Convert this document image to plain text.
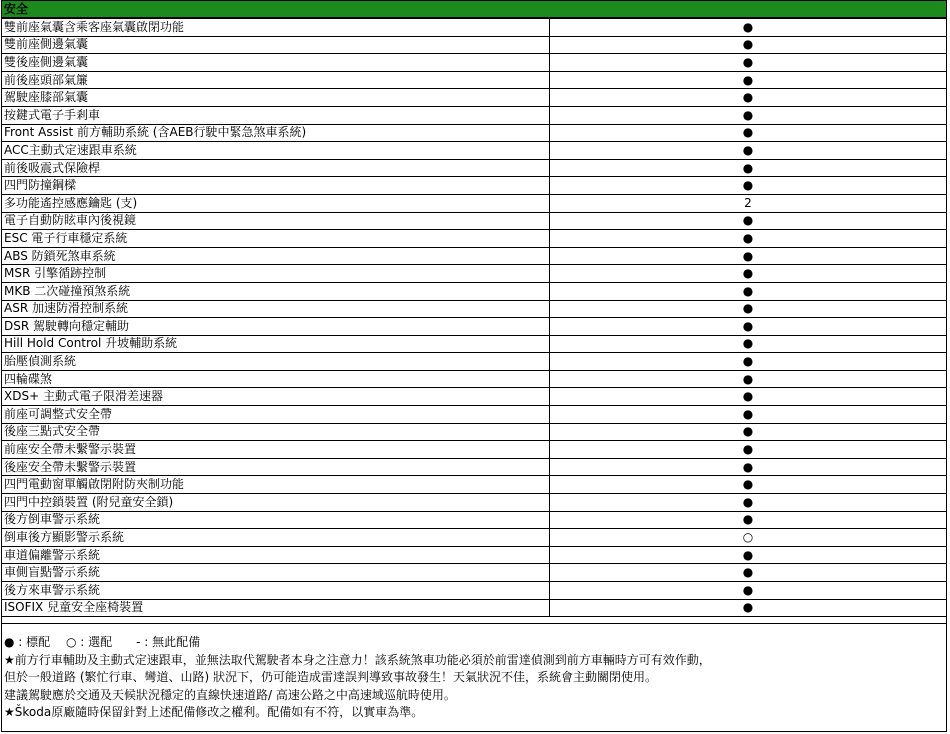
安全
雙前座氣囊含乘客座氣囊啟閉功能	●
雙前座側邊氣囊	●
雙後座側邊氣囊	●
前後座頭部氣簾	●
駕駛座膝部氣囊	●
按鍵式電子手剎車	●
Front Assist 前方輔助系統 (含AEB行駛中緊急煞車系統)	●
ACC主動式定速跟車系統	●
前後吸震式保險桿	●
四門防撞鋼樑	●
多功能遙控感應鑰匙 (支)	2
電子自動防眩車內後視鏡	●
ESC 電子行車穩定系統	●
ABS 防鎖死煞車系統	●
MSR 引擎循跡控制	●
MKB 二次碰撞預煞系統	●
ASR 加速防滑控制系統	●
DSR 駕駛轉向穩定輔助	●
Hill Hold Control 升坡輔助系統	●
胎壓偵測系統	●
四輪碟煞	●
XDS+ 主動式電子限滑差速器	●
前座可調整式安全帶	●
後座三點式安全帶	●
前座安全帶未繫警示裝置	●
後座安全帶未繫警示裝置	●
四門電動窗單觸啟閉附防夾制功能	●
四門中控鎖裝置 (附兒童安全鎖)	●
後方倒車警示系統	●
倒車後方顯影警示系統	○
車道偏離警示系統	●
車側盲點警示系統	●
後方來車警示系統	●
ISOFIX 兒童安全座椅裝置	●
● : 標配　 ○ : 選配　　- : 無此配備
★前方行車輔助及主動式定速跟車，並無法取代駕駛者本身之注意力！該系統煞車功能必須於前雷達偵測到前方車輛時方可有效作動，
但於一般道路 (繁忙行車、彎道、山路) 狀況下，仍可能造成雷達誤判導致事故發生！天氣狀況不佳，系統會主動關閉使用。
建議駕駛應於交通及天候狀況穩定的直線快速道路/ 高速公路之中高速域巡航時使用。
★Škoda原廠隨時保留針對上述配備修改之權利。配備如有不符，以實車為準。
